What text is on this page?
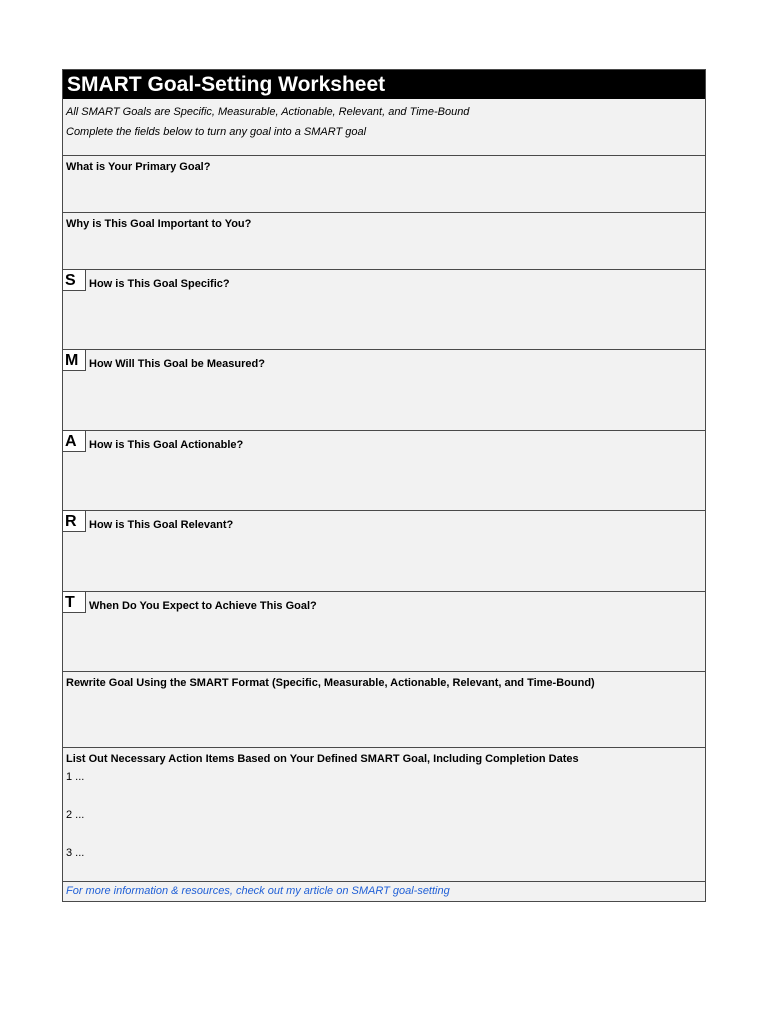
SMART Goal-Setting Worksheet
All SMART Goals are Specific, Measurable, Actionable, Relevant, and Time-Bound
Complete the fields below to turn any goal into a SMART goal
What is Your Primary Goal?
Why is This Goal Important to You?
S	How is This Goal Specific?
M How Will This Goal be Measured?
A	How is This Goal Actionable?
R	How is This Goal Relevant?
T	When Do You Expect to Achieve This Goal?
Rewrite Goal Using the SMART Format (Specific, Measurable, Actionable, Relevant, and Time-Bound)
List Out Necessary Action Items Based on Your Defined SMART Goal, Including Completion Dates
1 ...
2 ...
3 ...
For more information & resources, check out my article on SMART goal-setting
